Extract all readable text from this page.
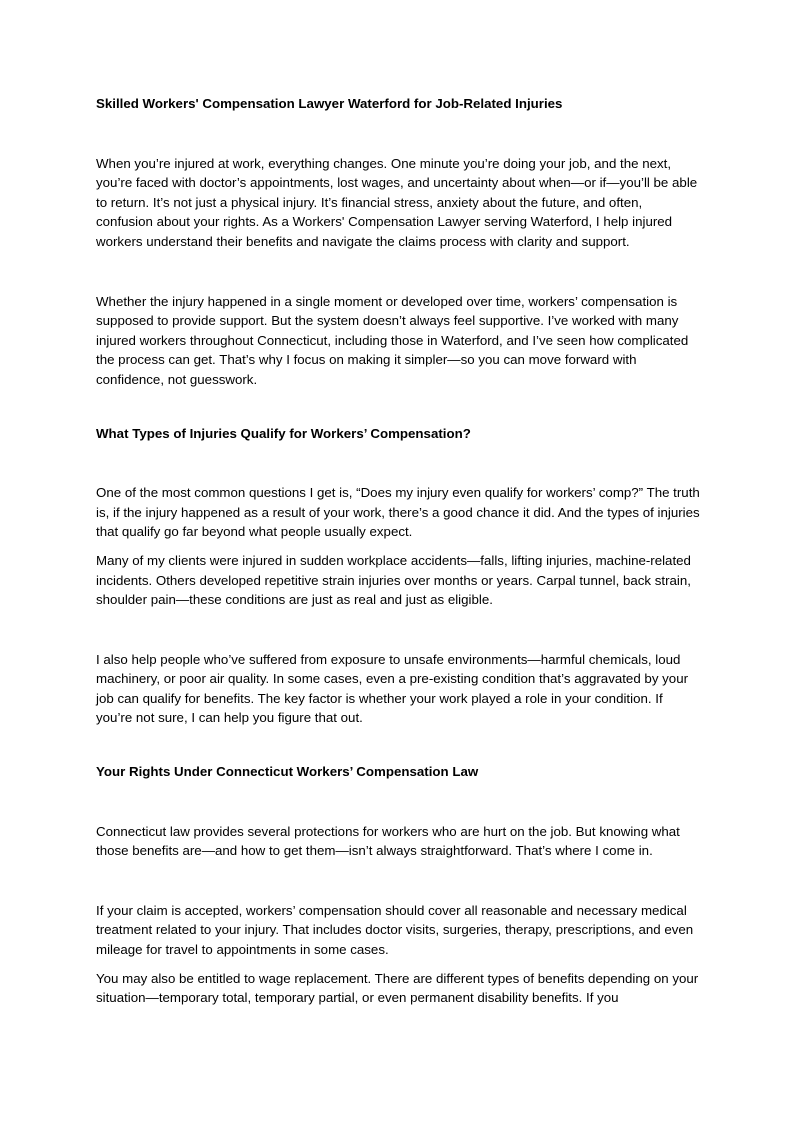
Skilled Workers' Compensation Lawyer Waterford for Job-Related Injuries

When you’re injured at work, everything changes. One minute you’re doing your job, and the next, you’re faced with doctor’s appointments, lost wages, and uncertainty about when—or if—you’ll be able to return. It’s not just a physical injury. It’s financial stress, anxiety about the future, and often, confusion about your rights. As a Workers' Compensation Lawyer serving Waterford, I help injured workers understand their benefits and navigate the claims process with clarity and support.

Whether the injury happened in a single moment or developed over time, workers’ compensation is supposed to provide support. But the system doesn’t always feel supportive. I’ve worked with many injured workers throughout Connecticut, including those in Waterford, and I’ve seen how complicated the process can get. That’s why I focus on making it simpler—so you can move forward with confidence, not guesswork.

What Types of Injuries Qualify for Workers’ Compensation?

One of the most common questions I get is, “Does my injury even qualify for workers’ comp?” The truth is, if the injury happened as a result of your work, there’s a good chance it did. And the types of injuries that qualify go far beyond what people usually expect.

Many of my clients were injured in sudden workplace accidents—falls, lifting injuries, machine-related incidents. Others developed repetitive strain injuries over months or years. Carpal tunnel, back strain, shoulder pain—these conditions are just as real and just as eligible.

I also help people who’ve suffered from exposure to unsafe environments—harmful chemicals, loud machinery, or poor air quality. In some cases, even a pre-existing condition that’s aggravated by your job can qualify for benefits. The key factor is whether your work played a role in your condition. If you’re not sure, I can help you figure that out.

Your Rights Under Connecticut Workers’ Compensation Law

Connecticut law provides several protections for workers who are hurt on the job. But knowing what those benefits are—and how to get them—isn’t always straightforward. That’s where I come in.

If your claim is accepted, workers’ compensation should cover all reasonable and necessary medical treatment related to your injury. That includes doctor visits, surgeries, therapy, prescriptions, and even mileage for travel to appointments in some cases.

You may also be entitled to wage replacement. There are different types of benefits depending on your situation—temporary total, temporary partial, or even permanent disability benefits. If you
